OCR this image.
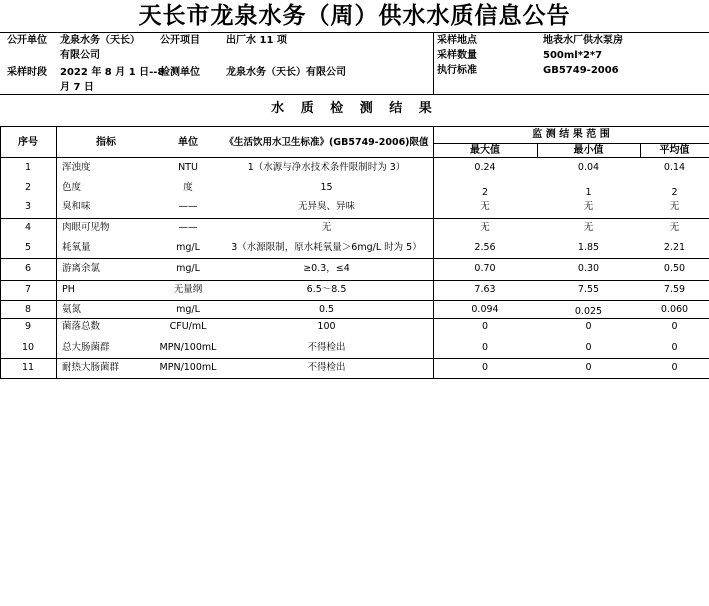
天长市龙泉水务（周）供水水质信息公告
公开单位 龙泉水务（天长）
有限公司
公开项目	出厂水 11 项
采样时段 2022 年 8 月 1 日--8
月 7 日
检测单位	龙泉水务（天长）有限公司
采样地点	地表水厂供水泵房
采样数量	500ml*2*7
执行标准	GB5749-2006
水 质 检 测 结 果
序号	指标	单位	《生活饮用水卫生标准》(GB5749-2006)限值
监 测 结 果 范 围
最大值	最小值	平均值
1	浑浊度	NTU	1（水源与净水技术条件限制时为 3）	0.24	0.04	0.14
2	色度	度	15	2	1	2
3	臭和味	——	无异臭、异味	无	无	无
4	肉眼可见物	——	无	无	无	无
5	耗氧量	mg/L	3（水源限制，原水耗氧量＞6mg/L 时为 5）	2.56	1.85	2.21
6	游离余氯	mg/L	≥0.3，≤4	0.70	0.30	0.50
7	PH	无量纲	6.5～8.5	7.63	7.55	7.59
8	氨氮	mg/L	0.5	0.094	0.025	0.060
9	菌落总数	CFU/mL	100	0	0	0
10	总大肠菌群	MPN/100mL	不得检出	0	0	0
11	耐热大肠菌群	MPN/100mL	不得检出	0	0	0
